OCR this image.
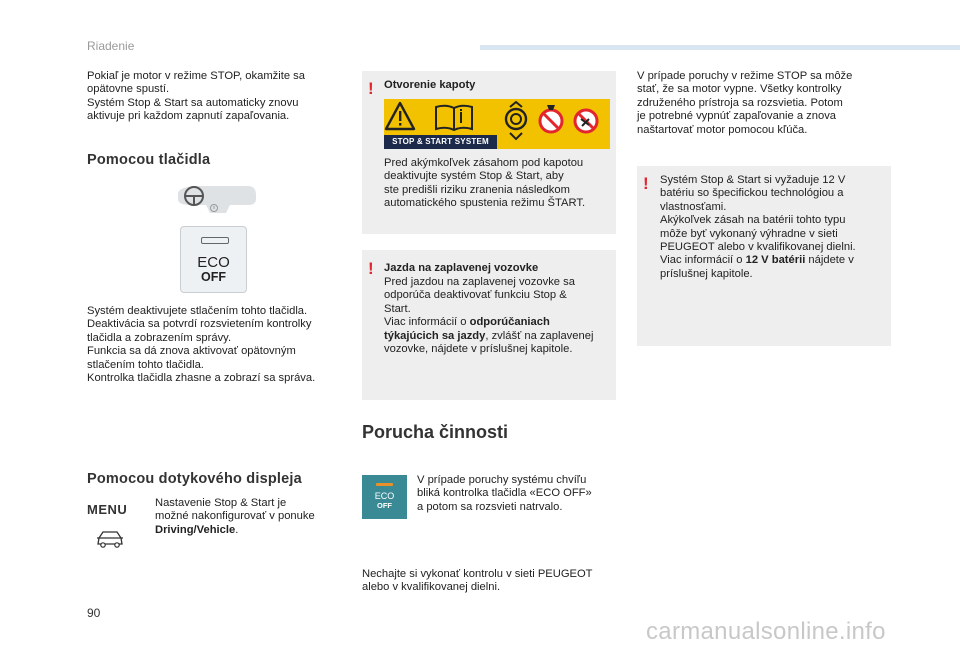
Riadenie
Pokiaľ je motor v režime STOP, okamžite sa
opätovne spustí.
Systém Stop & Start sa automaticky znovu
aktivuje pri každom zapnutí zapaľovania.
Pomocou tlačidla
ECO
OFF
Systém deaktivujete stlačením tohto tlačidla.
Deaktivácia sa potvrdí rozsvietením kontrolky
tlačidla a zobrazením správy.
Funkcia sa dá znova aktivovať opätovným
stlačením tohto tlačidla.
Kontrolka tlačidla zhasne a zobrazí sa správa.
Pomocou dotykového displeja
MENU Nastavenie Stop & Start je
možné nakonfigurovať v ponuke
Driving/Vehicle.
! Otvorenie kapoty
STOP & START SYSTEM
Pred akýmkoľvek zásahom pod kapotou
deaktivujte systém Stop & Start, aby
ste predišli riziku zranenia následkom
automatického spustenia režimu ŠTART.
! Jazda na zaplavenej vozovke
Pred jazdou na zaplavenej vozovke sa
odporúča deaktivovať funkciu Stop &
Start.
Viac informácií o odporúčaniach
týkajúcich sa jazdy, zvlášť na zaplavenej
vozovke, nájdete v príslušnej kapitole.
Porucha činnosti
ECO
OFF
V prípade poruchy systému chvíľu
bliká kontrolka tlačidla «ECO OFF»
a potom sa rozsvieti natrvalo.
Nechajte si vykonať kontrolu v sieti PEUGEOT
alebo v kvalifikovanej dielni.
V prípade poruchy v režime STOP sa môže
stať, že sa motor vypne. Všetky kontrolky
združeného prístroja sa rozsvietia. Potom
je potrebné vypnúť zapaľovanie a znova
naštartovať motor pomocou kľúča.
! Systém Stop & Start si vyžaduje 12 V
batériu so špecifickou technológiou a
vlastnosťami.
Akýkoľvek zásah na batérii tohto typu
môže byť vykonaný výhradne v sieti
PEUGEOT alebo v kvalifikovanej dielni.
Viac informácií o 12 V batérii nájdete v
príslušnej kapitole.
90
carmanualsonline.info
